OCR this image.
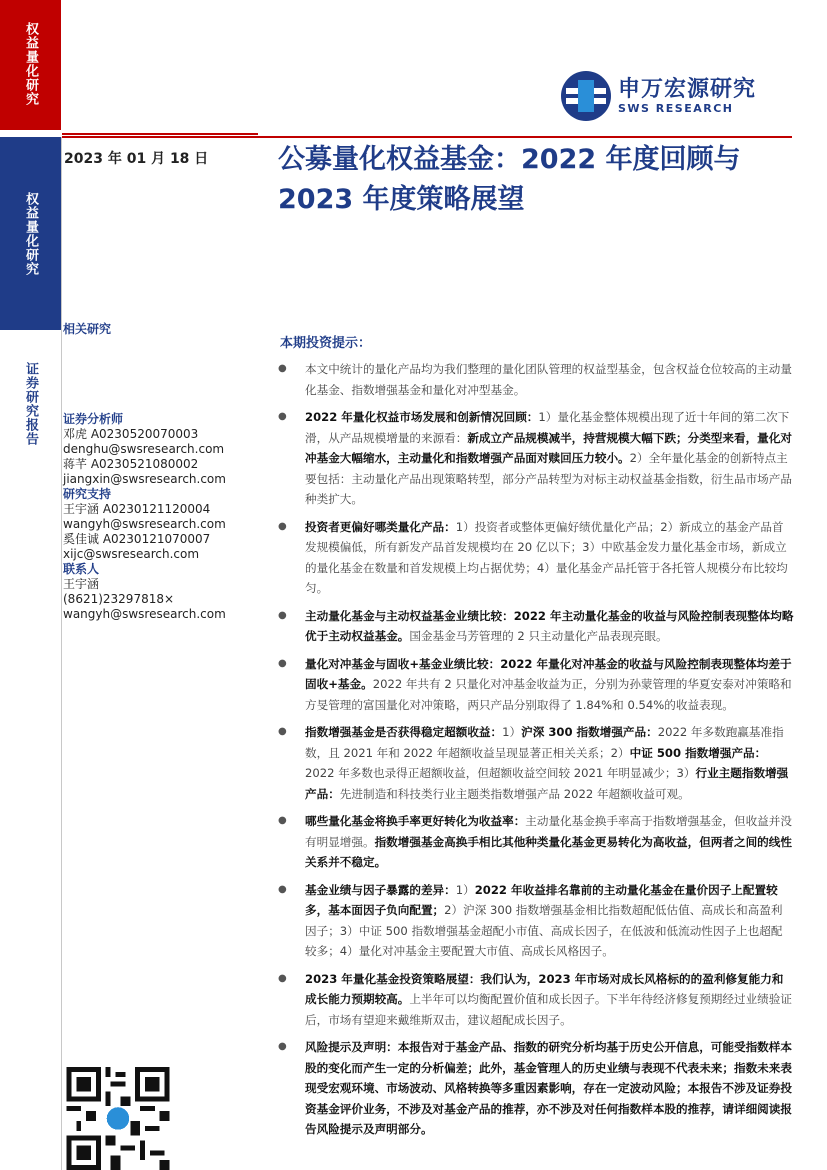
权益量化研究
权益量化研究
证券研究报告
申万宏源研究
SWS RESEARCH
2023 年 01 月 18 日	公募量化权益基金：2022 年度回顾与 2023 年度策略展望
相关研究
证券分析师
邓虎 A0230520070003
denghu@swsresearch.com
蒋芊 A0230521080002
jiangxin@swsresearch.com
研究支持
王宇涵 A0230121120004
wangyh@swsresearch.com
奚佳诚 A0230121070007
xijc@swsresearch.com
联系人
王宇涵
(8621)23297818×
wangyh@swsresearch.com
本期投资提示：
● 本文中统计的量化产品均为我们整理的量化团队管理的权益型基金，包含权益仓位较高的主动量化基金、指数增强基金和量化对冲型基金。
● 2022 年量化权益市场发展和创新情况回顾：1）量化基金整体规模出现了近十年间的第二次下滑，从产品规模增量的来源看：新成立产品规模减半，持营规模大幅下跌；分类型来看，量化对冲基金大幅缩水，主动量化和指数增强产品面对赎回压力较小。2）全年量化基金的创新特点主要包括：主动量化产品出现策略转型，部分产品转型为对标主动权益基金指数，衍生品市场产品种类扩大。
● 投资者更偏好哪类量化产品：1）投资者或整体更偏好绩优量化产品；2）新成立的基金产品首发规模偏低，所有新发产品首发规模均在 20 亿以下；3）中欧基金发力量化基金市场，新成立的量化基金在数量和首发规模上均占据优势；4）量化基金产品托管于各托管人规模分布比较均匀。
● 主动量化基金与主动权益基金业绩比较：2022 年主动量化基金的收益与风险控制表现整体均略优于主动权益基金。国金基金马芳管理的 2 只主动量化产品表现亮眼。
● 量化对冲基金与固收+基金业绩比较：2022 年量化对冲基金的收益与风险控制表现整体均差于固收+基金。2022 年共有 2 只量化对冲基金收益为正，分别为孙蒙管理的华夏安泰对冲策略和方旻管理的富国量化对冲策略，两只产品分别取得了 1.84%和 0.54%的收益表现。
● 指数增强基金是否获得稳定超额收益：1）沪深 300 指数增强产品：2022 年多数跑赢基准指数，且 2021 年和 2022 年超额收益呈现显著正相关关系；2）中证 500 指数增强产品：2022 年多数也录得正超额收益，但超额收益空间较 2021 年明显减少；3）行业主题指数增强产品：先进制造和科技类行业主题类指数增强产品 2022 年超额收益可观。
● 哪些量化基金将换手率更好转化为收益率：主动量化基金换手率高于指数增强基金，但收益并没有明显增强。指数增强基金高换手相比其他种类量化基金更易转化为高收益，但两者之间的线性关系并不稳定。
● 基金业绩与因子暴露的差异：1）2022 年收益排名靠前的主动量化基金在量价因子上配置较多，基本面因子负向配置；2）沪深 300 指数增强基金相比指数超配低估值、高成长和高盈利因子；3）中证 500 指数增强基金超配小市值、高成长因子，在低波和低流动性因子上也超配较多；4）量化对冲基金主要配置大市值、高成长风格因子。
● 2023 年量化基金投资策略展望：我们认为，2023 年市场对成长风格标的的盈利修复能力和成长能力预期较高。上半年可以均衡配置价值和成长因子。下半年待经济修复预期经过业绩验证后，市场有望迎来戴维斯双击，建议超配成长因子。
● 风险提示及声明：本报告对于基金产品、指数的研究分析均基于历史公开信息，可能受指数样本股的变化而产生一定的分析偏差；此外，基金管理人的历史业绩与表现不代表未来；指数未来表现受宏观环境、市场波动、风格转换等多重因素影响，存在一定波动风险；本报告不涉及证券投资基金评价业务，不涉及对基金产品的推荐，亦不涉及对任何指数样本股的推荐，请详细阅读报告风险提示及声明部分。
